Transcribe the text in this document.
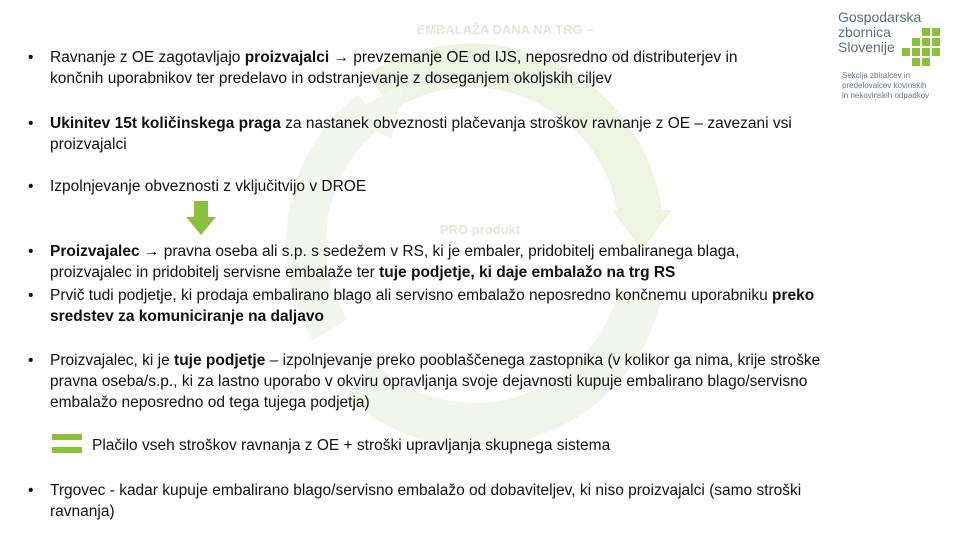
EMBALAŽA DANA NA TRG –
PRO produkt
Gospodarska
zbornica
Slovenije
Sekcija zbiralcev in
predelovalcev kovinskih
in nekovinskih odpadkov
• Ravnanje z OE zagotavljajo proizvajalci → prevzemanje OE od IJS, neposredno od distributerjev in
končnih uporabnikov ter predelavo in odstranjevanje z doseganjem okoljskih ciljev
• Ukinitev 15t količinskega praga za nastanek obveznosti plačevanja stroškov ravnanje z OE – zavezani vsi
proizvajalci
• Izpolnjevanje obveznosti z vključitvijo v DROE
• Proizvajalec → pravna oseba ali s.p. s sedežem v RS, ki je embaler, pridobitelj embaliranega blaga,
proizvajalec in pridobitelj servisne embalaže ter tuje podjetje, ki daje embalažo na trg RS
• Prvič tudi podjetje, ki prodaja embalirano blago ali servisno embalažo neposredno končnemu uporabniku preko
sredstev za komuniciranje na daljavo
• Proizvajalec, ki je tuje podjetje – izpolnjevanje preko pooblaščenega zastopnika (v kolikor ga nima, krije stroške
pravna oseba/s.p., ki za lastno uporabo v okviru opravljanja svoje dejavnosti kupuje embalirano blago/servisno
embalažo neposredno od tega tujega podjetja)
Plačilo vseh stroškov ravnanja z OE + stroški upravljanja skupnega sistema
• Trgovec - kadar kupuje embalirano blago/servisno embalažo od dobaviteljev, ki niso proizvajalci (samo stroški
ravnanja)
